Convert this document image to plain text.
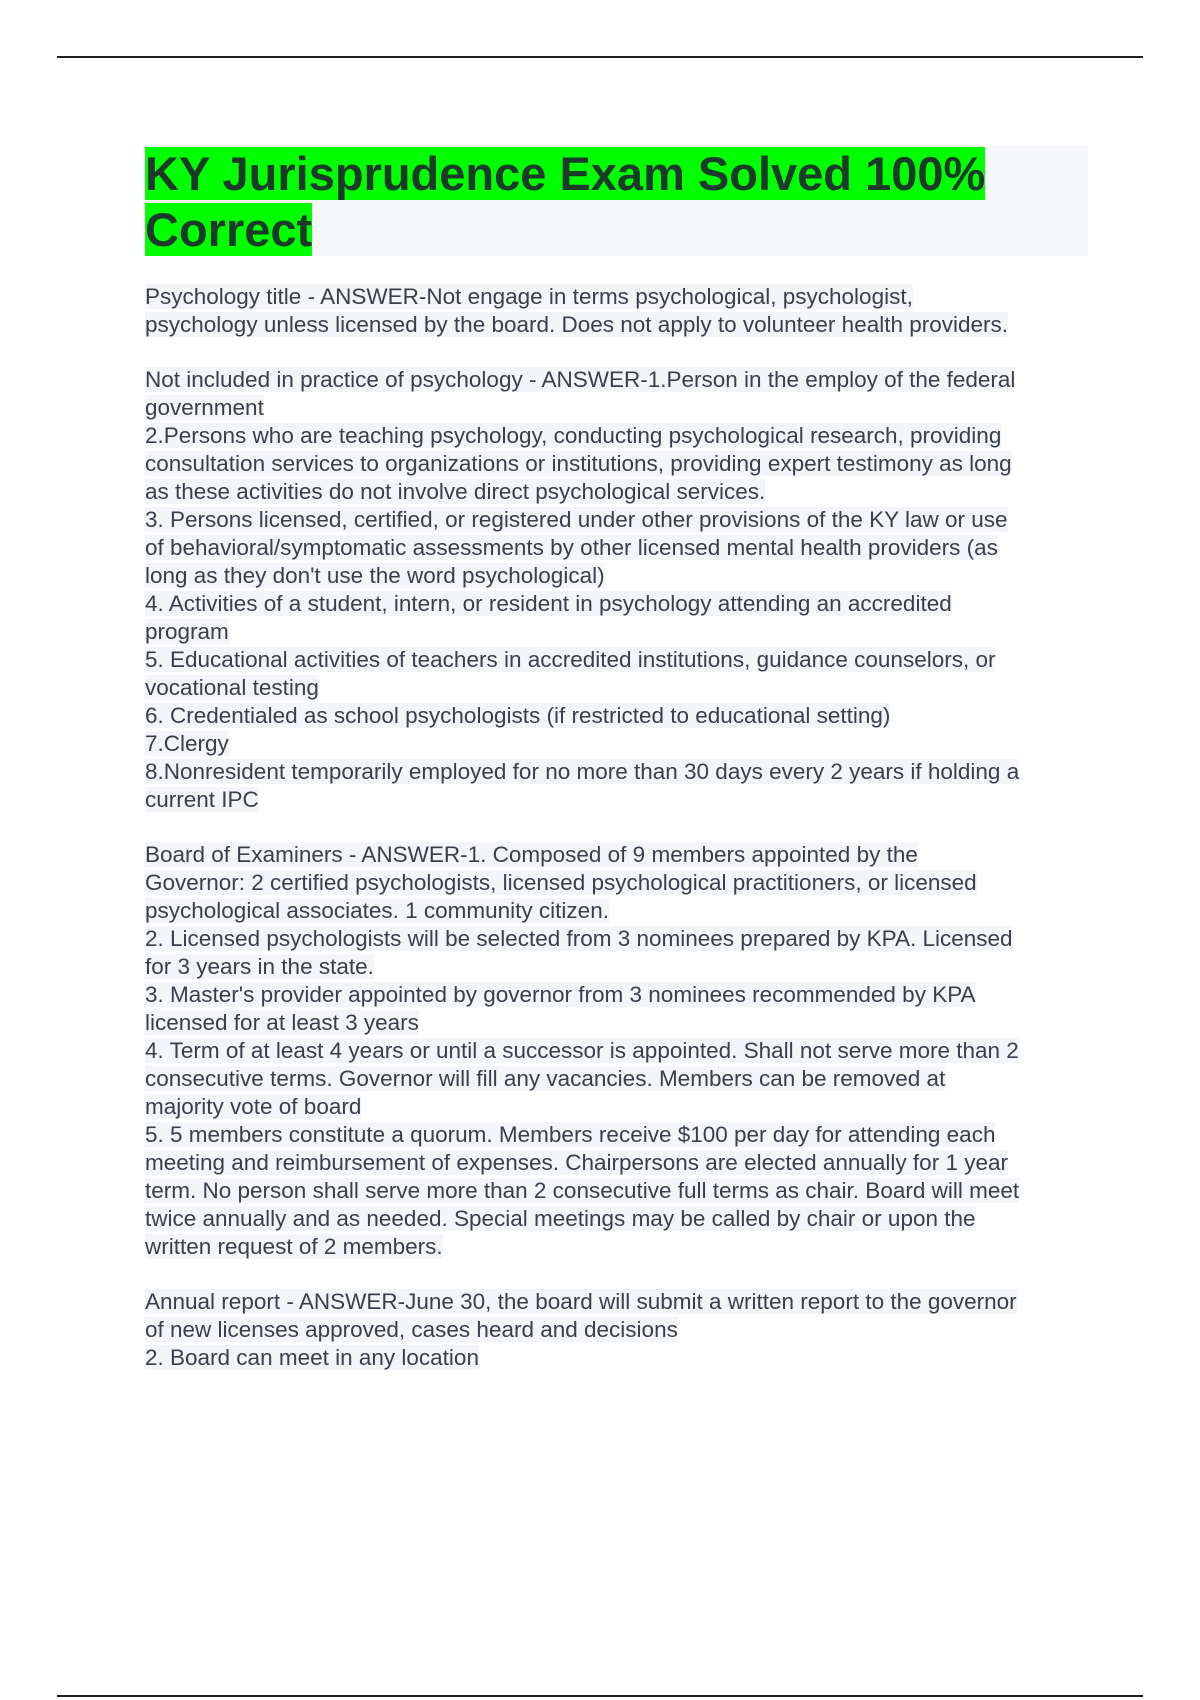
KY Jurisprudence Exam Solved 100% Correct
Psychology title - ANSWER-Not engage in terms psychological, psychologist,
psychology unless licensed by the board. Does not apply to volunteer health providers.
Not included in practice of psychology - ANSWER-1.Person in the employ of the federal
government
2.Persons who are teaching psychology, conducting psychological research, providing
consultation services to organizations or institutions, providing expert testimony as long
as these activities do not involve direct psychological services.
3. Persons licensed, certified, or registered under other provisions of the KY law or use
of behavioral/symptomatic assessments by other licensed mental health providers (as
long as they don't use the word psychological)
4. Activities of a student, intern, or resident in psychology attending an accredited
program
5. Educational activities of teachers in accredited institutions, guidance counselors, or
vocational testing
6. Credentialed as school psychologists (if restricted to educational setting)
7.Clergy
8.Nonresident temporarily employed for no more than 30 days every 2 years if holding a
current IPC
Board of Examiners - ANSWER-1. Composed of 9 members appointed by the
Governor: 2 certified psychologists, licensed psychological practitioners, or licensed
psychological associates. 1 community citizen.
2. Licensed psychologists will be selected from 3 nominees prepared by KPA. Licensed
for 3 years in the state.
3. Master's provider appointed by governor from 3 nominees recommended by KPA
licensed for at least 3 years
4. Term of at least 4 years or until a successor is appointed. Shall not serve more than 2
consecutive terms. Governor will fill any vacancies. Members can be removed at
majority vote of board
5. 5 members constitute a quorum. Members receive $100 per day for attending each
meeting and reimbursement of expenses. Chairpersons are elected annually for 1 year
term. No person shall serve more than 2 consecutive full terms as chair. Board will meet
twice annually and as needed. Special meetings may be called by chair or upon the
written request of 2 members.
Annual report - ANSWER-June 30, the board will submit a written report to the governor
of new licenses approved, cases heard and decisions
2. Board can meet in any location
